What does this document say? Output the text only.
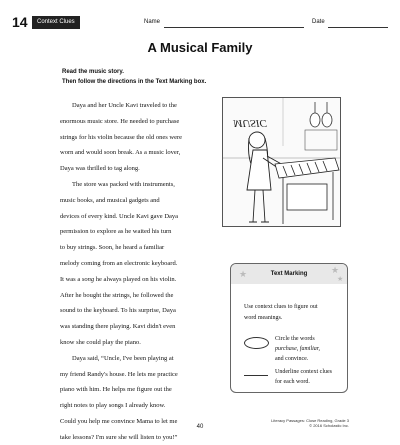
14	Context Clues	Name	Date
A Musical Family
Read the music story.
Then follow the directions in the Text Marking box.
Daya and her Uncle Kavi traveled to the
enormous music store. He needed to purchase
strings for his violin because the old ones were
worn and would soon break. As a music lover,
Daya was thrilled to tag along.
The store was packed with instruments,
music books, and musical gadgets and
devices of every kind. Uncle Kavi gave Daya
permission to explore as he waited his turn
to buy strings. Soon, he heard a familiar
melody coming from an electronic keyboard.
It was a song he always played on his violin.
After he bought the strings, he followed the
sound to the keyboard. To his surprise, Daya
was standing there playing. Kavi didn't even
know she could play the piano.
Daya said, “Uncle, I've been playing at
my friend Randy's house. He lets me practice
piano with him. He helps me figure out the
right notes to play songs I already know.
Could you help me convince Mama to let me
take lessons? I'm sure she will listen to you!”
MUSIC
★	★
★
Text Marking
Use context clues to figure out
word meanings.
Circle the words
purchase, familiar,
and convince.
Underline context clues
for each word.
Literacy Passages: Close Reading, Grade 3
© 2016 Scholastic Inc.
40
